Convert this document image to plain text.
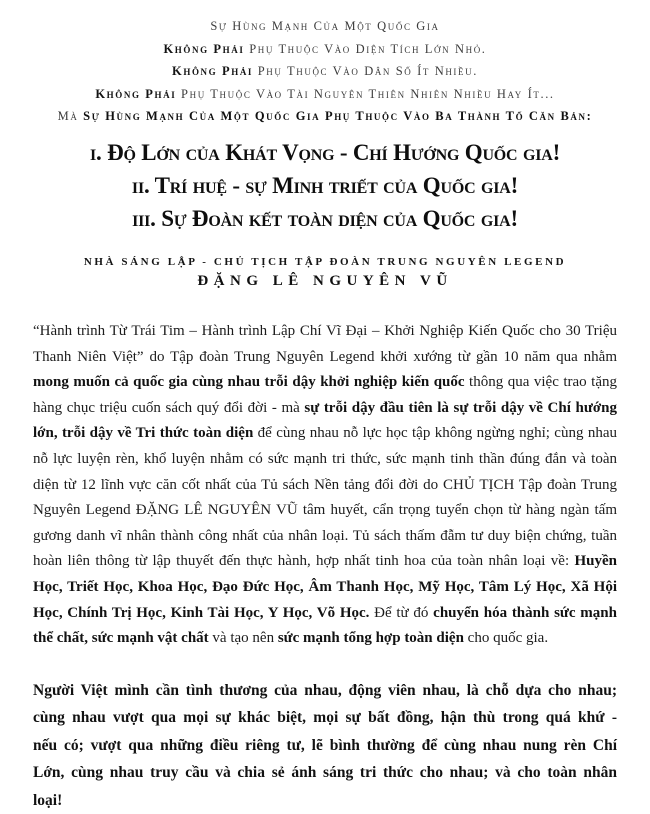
Sự Hùng Mạnh Của Một Quốc Gia

Không Phải Phụ Thuộc Vào Diện Tích Lớn Nhỏ.

Không Phải Phụ Thuộc Vào Dân Số Ít Nhiều.

Không Phải Phụ Thuộc Vào Tài Nguyên Thiên Nhiên Nhiều Hay Ít...

Mà Sự Hùng Mạnh Của Một Quốc Gia Phụ Thuộc Vào Ba Thành Tố Căn Bản:

i. Độ Lớn của Khát Vọng - Chí Hướng Quốc gia!
ii. Trí huệ - sự Minh triết của Quốc gia!
iii. Sự Đoàn kết toàn diện của Quốc gia!

NHÀ SÁNG LẬP - CHỦ TỊCH TẬP ĐOÀN TRUNG NGUYÊN LEGEND

ĐẶNG LÊ NGUYÊN VŨ

“Hành trình Từ Trái Tim – Hành trình Lập Chí Vĩ Đại – Khởi Nghiệp Kiến Quốc cho 30 Triệu Thanh Niên Việt” do Tập đoàn Trung Nguyên Legend khởi xướng từ gần 10 năm qua nhằm mong muốn cả quốc gia cùng nhau trỗi dậy khởi nghiệp kiến quốc thông qua việc trao tặng hàng chục triệu cuốn sách quý đổi đời - mà sự trỗi dậy đầu tiên là sự trỗi dậy về Chí hướng lớn, trỗi dậy về Tri thức toàn diện để cùng nhau nỗ lực học tập không ngừng nghỉ; cùng nhau nỗ lực luyện rèn, khổ luyện nhằm có sức mạnh tri thức, sức mạnh tinh thần đúng đắn và toàn diện từ 12 lĩnh vực căn cốt nhất của Tủ sách Nền tảng đổi đời do CHỦ TỊCH Tập đoàn Trung Nguyên Legend ĐẶNG LÊ NGUYÊN VŨ tâm huyết, cẩn trọng tuyển chọn từ hàng ngàn tấm gương danh vĩ nhân thành công nhất của nhân loại. Tủ sách thấm đẫm tư duy biện chứng, tuần hoàn liên thông từ lập thuyết đến thực hành, hợp nhất tinh hoa của toàn nhân loại về: Huyền Học, Triết Học, Khoa Học, Đạo Đức Học, Âm Thanh Học, Mỹ Học, Tâm Lý Học, Xã Hội Học, Chính Trị Học, Kinh Tài Học, Y Học, Võ Học. Để từ đó chuyển hóa thành sức mạnh thể chất, sức mạnh vật chất và tạo nên sức mạnh tổng hợp toàn diện cho quốc gia.

Người Việt mình cần tình thương của nhau, động viên nhau, là chỗ dựa cho nhau; cùng nhau vượt qua mọi sự khác biệt, mọi sự bất đồng, hận thù trong quá khứ - nếu có; vượt qua những điều riêng tư, lẽ bình thường để cùng nhau nung rèn Chí Lớn, cùng nhau truy cầu và chia sẻ ánh sáng tri thức cho nhau; và cho toàn nhân loại!
